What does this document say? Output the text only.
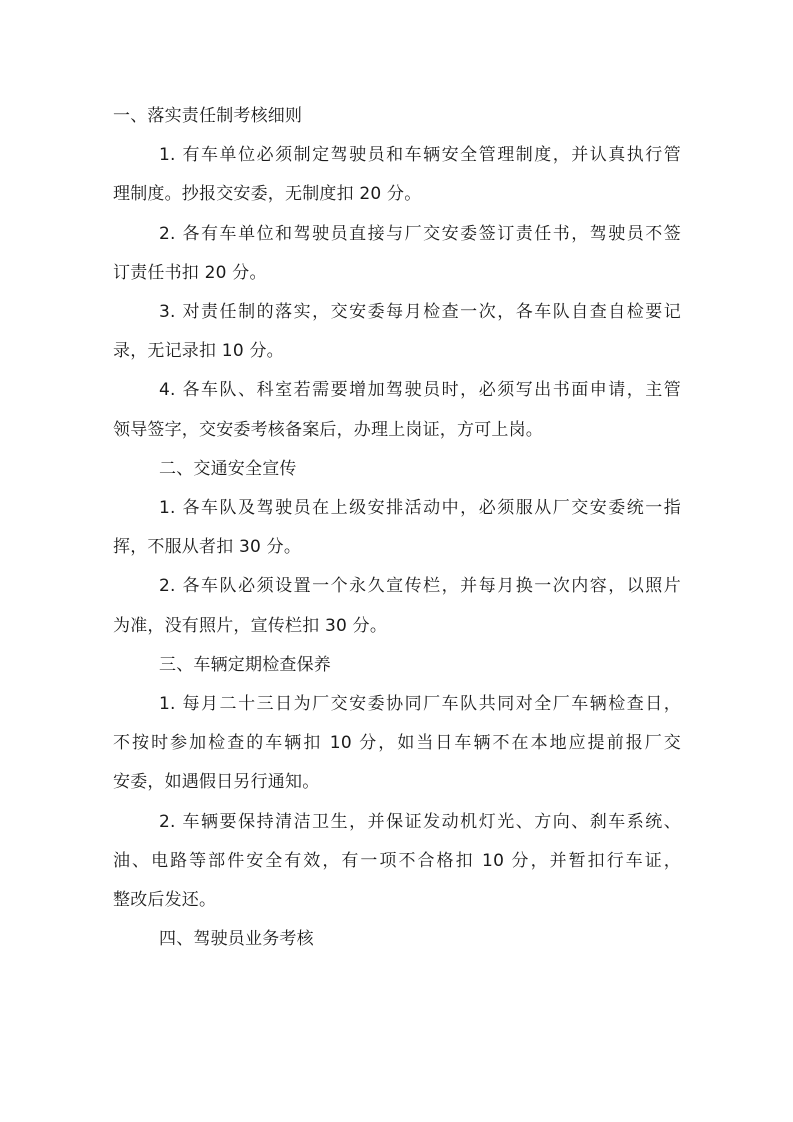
一、落实责任制考核细则
1. 有车单位必须制定驾驶员和车辆安全管理制度，并认真执行管
理制度。抄报交安委，无制度扣 20 分。
2. 各有车单位和驾驶员直接与厂交安委签订责任书，驾驶员不签
订责任书扣 20 分。
3. 对责任制的落实，交安委每月检查一次，各车队自查自检要记
录，无记录扣 10 分。
4. 各车队、科室若需要增加驾驶员时，必须写出书面申请，主管
领导签字，交安委考核备案后，办理上岗证，方可上岗。
二、交通安全宣传
1. 各车队及驾驶员在上级安排活动中，必须服从厂交安委统一指
挥，不服从者扣 30 分。
2. 各车队必须设置一个永久宣传栏，并每月换一次内容，以照片
为准，没有照片，宣传栏扣 30 分。
三、车辆定期检查保养
1. 每月二十三日为厂交安委协同厂车队共同对全厂车辆检查日，
不按时参加检查的车辆扣 10 分，如当日车辆不在本地应提前报厂交
安委，如遇假日另行通知。
2. 车辆要保持清洁卫生，并保证发动机灯光、方向、刹车系统、
油、电路等部件安全有效，有一项不合格扣 10 分，并暂扣行车证，
整改后发还。
四、驾驶员业务考核
